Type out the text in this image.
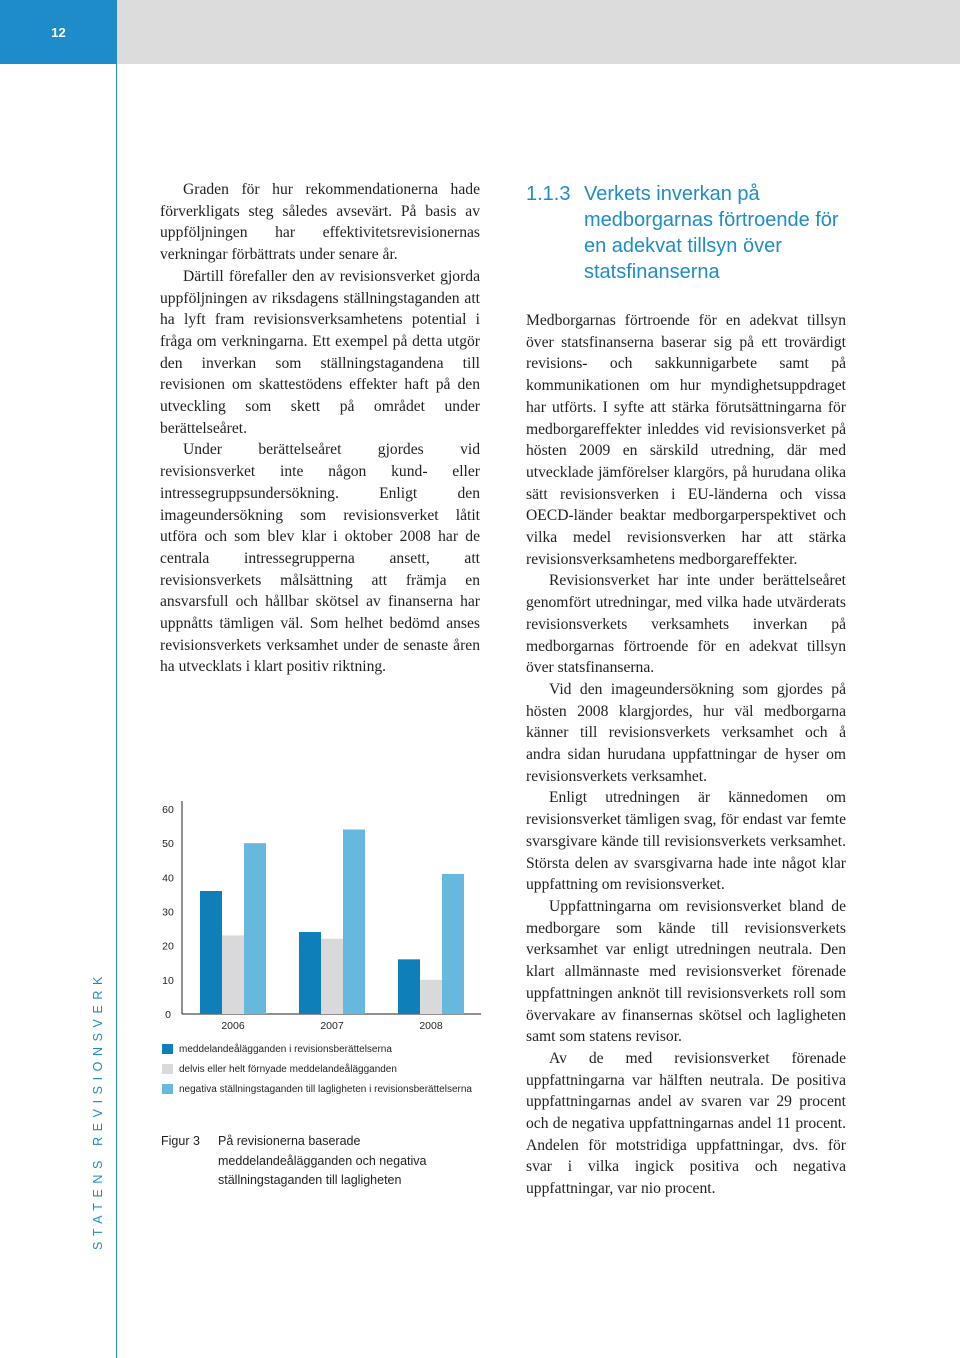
12
STATENS REVISIONSVERK

Graden för hur rekommendationerna hade förverkligats steg således avsevärt. På basis av uppföljningen har effektivitetsrevisionernas verkningar förbättrats under senare år.

Därtill förefaller den av revisionsverket gjorda uppföljningen av riksdagens ställningstaganden att ha lyft fram revisionsverksamhetens potential i fråga om verkningarna. Ett exempel på detta utgör den inverkan som ställningstagandena till revisionen om skattestödens effekter haft på den utveckling som skett på området under berättelseåret.

Under berättelseåret gjordes vid revisionsverket inte någon kund- eller intressegruppsundersökning. Enligt den imageundersökning som revisionsverket låtit utföra och som blev klar i oktober 2008 har de centrala intressegrupperna ansett, att revisionsverkets målsättning att främja en ansvarsfull och hållbar skötsel av finanserna har uppnåtts tämligen väl. Som helhet bedömd anses revisionsverkets verksamhet under de senaste åren ha utvecklats i klart positiv riktning.

1.1.3 Verkets inverkan på medborgarnas förtroende för en adekvat tillsyn över statsfinanserna

Medborgarnas förtroende för en adekvat tillsyn över statsfinanserna baserar sig på ett trovärdigt revisions- och sakkunnigarbete samt på kommunikationen om hur myndighetsuppdraget har utförts. I syfte att stärka förutsättningarna för medborgareffekter inleddes vid revisionsverket på hösten 2009 en särskild utredning, där med utvecklade jämförelser klargörs, på hurudana olika sätt revisionsverken i EU-länderna och vissa OECD-länder beaktar medborgarperspektivet och vilka medel revisionsverken har att stärka revisionsverksamhetens medborgareffekter.

Revisionsverket har inte under berättelseåret genomfört utredningar, med vilka hade utvärderats revisionsverkets verksamhets inverkan på medborgarnas förtroende för en adekvat tillsyn över statsfinanserna.

Vid den imageundersökning som gjordes på hösten 2008 klargjordes, hur väl medborgarna känner till revisionsverkets verksamhet och å andra sidan hurudana uppfattningar de hyser om revisionsverkets verksamhet.

Enligt utredningen är kännedomen om revisionsverket tämligen svag, för endast var femte svarsgivare kände till revisionsverkets verksamhet. Största delen av svarsgivarna hade inte något klar uppfattning om revisionsverket.

Uppfattningarna om revisionsverket bland de medborgare som kände till revisionsverkets verksamhet var enligt utredningen neutrala. Den klart allmännaste med revisionsverket förenade uppfattningen anknöt till revisionsverkets roll som övervakare av finansernas skötsel och lagligheten samt som statens revisor.

Av de med revisionsverket förenade uppfattningarna var hälften neutrala. De positiva uppfattningarnas andel av svaren var 29 procent och de negativa uppfattningarnas andel 11 procent. Andelen för motstridiga uppfattningar, dvs. för svar i vilka ingick positiva och negativa uppfattningar, var nio procent.

0
10
20
30
40
50
60
2006	2007	2008
meddelandeålägganden i revisionsberättelserna
delvis eller helt förnyade meddelandeålägganden
negativa ställningstaganden till lagligheten i revisionsberättelserna
Figur 3 På revisionerna baserade meddelandeålägganden och negativa ställningstaganden till lagligheten
